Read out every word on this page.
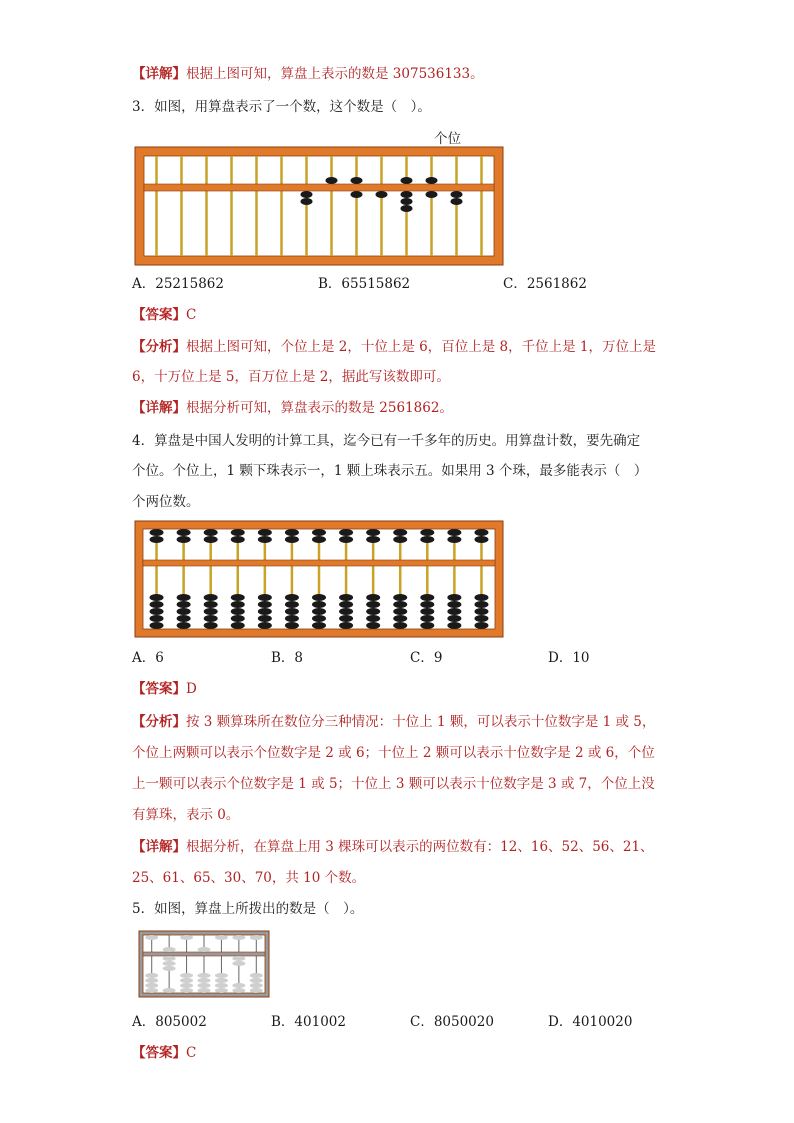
【详解】根据上图可知，算盘上表示的数是 307536133。
3．如图，用算盘表示了一个数，这个数是（　）。
个位
A．25215862	B．65515862	C．2561862
【答案】C
【分析】根据上图可知，个位上是 2，十位上是 6，百位上是 8，千位上是 1，万位上是
6，十万位上是 5，百万位上是 2，据此写该数即可。
【详解】根据分析可知，算盘表示的数是 2561862。
4．算盘是中国人发明的计算工具，迄今已有一千多年的历史。用算盘计数，要先确定
个位。个位上，1 颗下珠表示一，1 颗上珠表示五。如果用 3 个珠，最多能表示（　）
个两位数。
A．6	B．8	C．9	D．10
【答案】D
【分析】按 3 颗算珠所在数位分三种情况：十位上 1 颗，可以表示十位数字是 1 或 5，
个位上两颗可以表示个位数字是 2 或 6；十位上 2 颗可以表示十位数字是 2 或 6，个位
上一颗可以表示个位数字是 1 或 5；十位上 3 颗可以表示十位数字是 3 或 7，个位上没
有算珠，表示 0。
【详解】根据分析，在算盘上用 3 棵珠可以表示的两位数有：12、16、52、56、21、
25、61、65、30、70，共 10 个数。
5．如图，算盘上所拨出的数是（　）。
A．805002	B．401002	C．8050020	D．4010020
【答案】C
